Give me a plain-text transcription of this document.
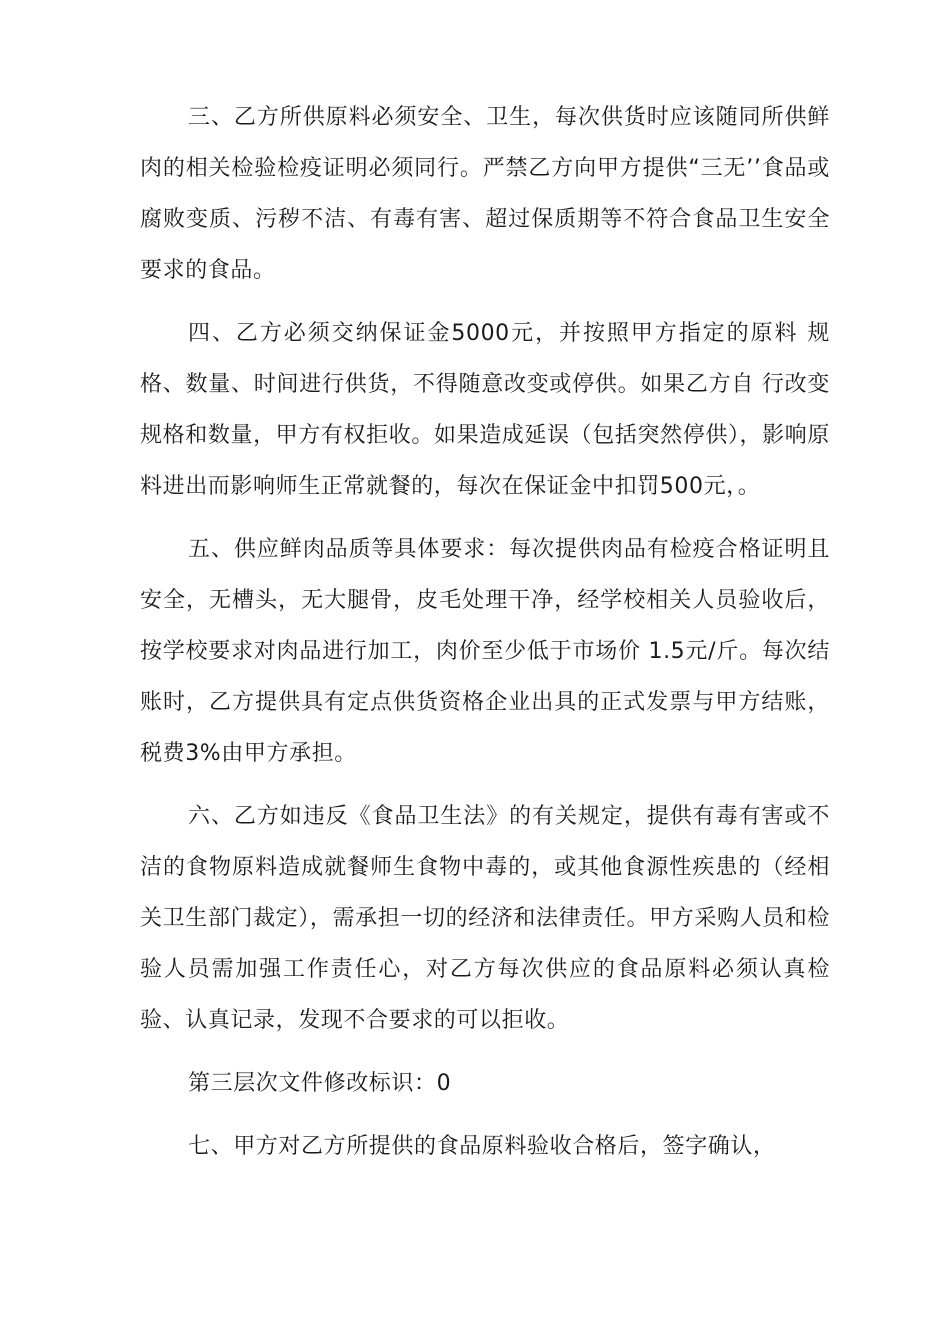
三、乙方所供原料必须安全、卫生，每次供货时应该随同所供鲜肉的相关检验检疫证明必须同行。严禁乙方向甲方提供“三无’’食品或腐败变质、污秽不洁、有毒有害、超过保质期等不符合食品卫生安全要求的食品。

四、乙方必须交纳保证金5000元，并按照甲方指定的原料 规格、数量、时间进行供货，不得随意改变或停供。如果乙方自 行改变规格和数量，甲方有权拒收。如果造成延误（包括突然停供），影响原料进出而影响师生正常就餐的，每次在保证金中扣罚500元，。

五、供应鲜肉品质等具体要求：每次提供肉品有检疫合格证明且安全，无槽头，无大腿骨，皮毛处理干净，经学校相关人员验收后，按学校要求对肉品进行加工，肉价至少低于市场价 1.5元/斤。每次结账时，乙方提供具有定点供货资格企业出具的正式发票与甲方结账，税费3%由甲方承担。

六、乙方如违反《食品卫生法》的有关规定，提供有毒有害或不洁的食物原料造成就餐师生食物中毒的，或其他食源性疾患的（经相关卫生部门裁定），需承担一切的经济和法律责任。甲方采购人员和检验人员需加强工作责任心，对乙方每次供应的食品原料必须认真检验、认真记录，发现不合要求的可以拒收。

第三层次文件修改标识：0

七、甲方对乙方所提供的食品原料验收合格后，签字确认，
